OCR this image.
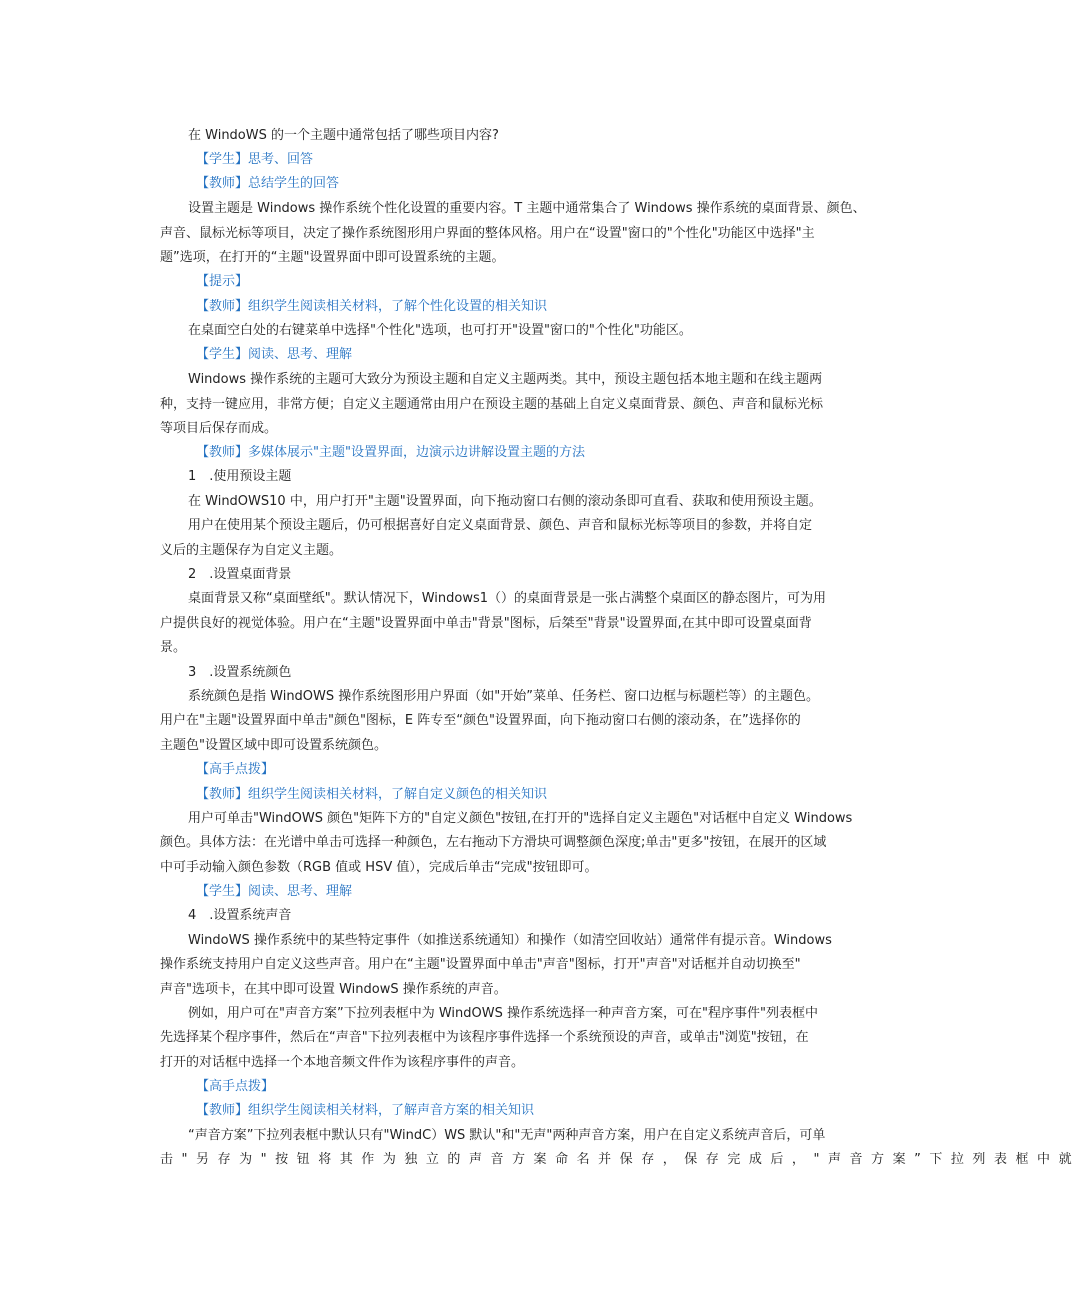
在 WindoWS 的一个主题中通常包括了哪些项目内容?
【学生】思考、回答
【教师】总结学生的回答
设置主题是 Windows 操作系统个性化设置的重要内容。T 主题中通常集合了 Windows 操作系统的桌面背景、颜色、
声音、鼠标光标等项目，决定了操作系统图形用户界面的整体风格。用户在“设置"窗口的"个性化"功能区中选择"主
题”选项，在打开的“主题"设置界面中即可设置系统的主题。
【提示】
【教师】组织学生阅读相关材料，了解个性化设置的相关知识
在桌面空白处的右键菜单中选择"个性化"选项，也可打开"设置"窗口的"个性化"功能区。
【学生】阅读、思考、理解
Windows 操作系统的主题可大致分为预设主题和自定义主题两类。其中，预设主题包括本地主题和在线主题两
种，支持一键应用，非常方便；自定义主题通常由用户在预设主题的基础上自定义桌面背景、颜色、声音和鼠标光标
等项目后保存而成。
【教师】多媒体展示"主题"设置界面，边演示边讲解设置主题的方法
1　.使用预设主题
在 WindOWS10 中，用户打开"主题"设置界面，向下拖动窗口右侧的滚动条即可直看、获取和使用预设主题。
用户在使用某个预设主题后，仍可根据喜好自定义桌面背景、颜色、声音和鼠标光标等项目的参数，并将自定
义后的主题保存为自定义主题。
2　.设置桌面背景
桌面背景又称“桌面壁纸"。默认情况下，Windows1（）的桌面背景是一张占满整个桌面区的静态图片，可为用
户提供良好的视觉体验。用户在“主题"设置界面中单击"背景"图标，后桀至"背景"设置界面,在其中即可设置桌面背
景。
3　.设置系统颜色
系统颜色是指 WindOWS 操作系统图形用户界面（如"开始”菜单、任务栏、窗口边框与标题栏等）的主题色。
用户在"主题"设置界面中单击"颜色"图标，E 阵专至“颜色"设置界面，向下拖动窗口右侧的滚动条，在”选择你的
主题色"设置区域中即可设置系统颜色。
【高手点拨】
【教师】组织学生阅读相关材料，了解自定义颜色的相关知识
用户可单击"WindOWS 颜色"矩阵下方的"自定义颜色"按钮,在打开的"选择自定义主题色"对话框中自定义 Windows
颜色。具体方法：在光谱中单击可选择一种颜色，左右拖动下方滑块可调整颜色深度;单击"更多"按钮，在展开的区域
中可手动输入颜色参数（RGB 值或 HSV 值），完成后单击“完成"按钮即可。
【学生】阅读、思考、理解
4　.设置系统声音
WindoWS 操作系统中的某些特定事件（如推送系统通知）和操作（如清空回收站）通常伴有提示音。Windows
操作系统支持用户自定义这些声音。用户在“主题"设置界面中单击"声音"图标，打开"声音"对话框并自动切换至"
声音"选项卡，在其中即可设置 WindowS 操作系统的声音。
例如，用户可在"声音方案”下拉列表框中为 WindOWS 操作系统选择一种声音方案，可在"程序事件"列表框中
先选择某个程序事件，然后在“声音"下拉列表框中为该程序事件选择一个系统预设的声音，或单击"浏览"按钮，在
打开的对话框中选择一个本地音频文件作为该程序事件的声音。
【高手点拨】
【教师】组织学生阅读相关材料，了解声音方案的相关知识
“声音方案”下拉列表框中默认只有"WindC）WS 默认"和"无声"两种声音方案，用户在自定义系统声音后，可单
击 " 另 存 为 " 按 钮 将 其 作 为 独 立 的 声 音 方 案 命 名 并 保 存 ， 保 存 完 成 后 ， " 声 音 方 案 ” 下 拉 列 表 框 中 就
